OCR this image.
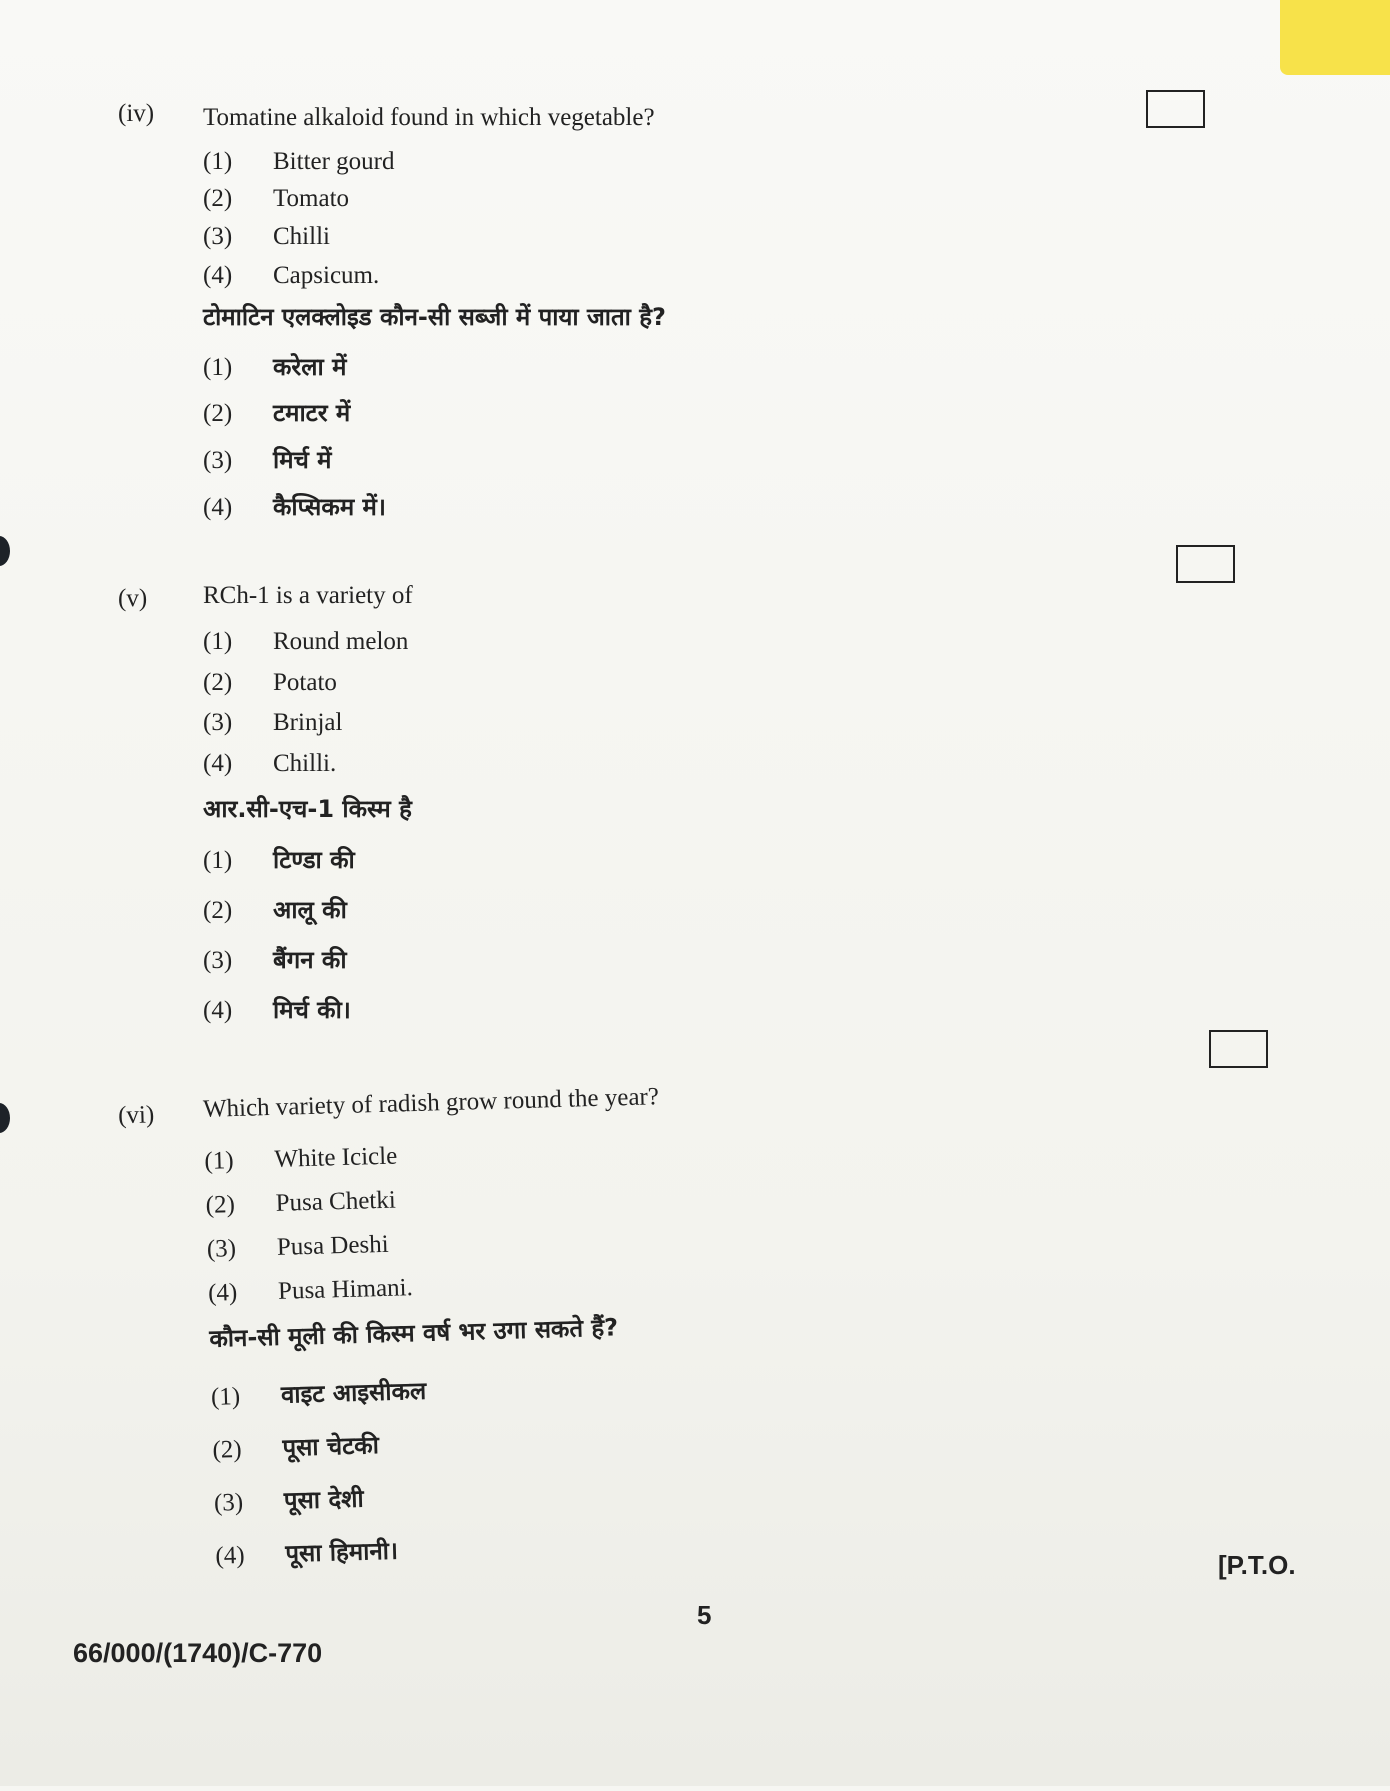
(iv) Tomatine alkaloid found in which vegetable?
(1) Bitter gourd
(2) Tomato
(3) Chilli
(4) Capsicum.
टोमाटिन एलक्लोइड कौन-सी सब्जी में पाया जाता है?
(1) करेला में
(2) टमाटर में
(3) मिर्च में
(4) कैप्सिकम में।
(v) RCh-1 is a variety of
(1) Round melon
(2) Potato
(3) Brinjal
(4) Chilli.
आर.सी-एच-1 किस्म है
(1) टिण्डा की
(2) आलू की
(3) बैंगन की
(4) मिर्च की।
(vi) Which variety of radish grow round the year?
(1) White Icicle
(2) Pusa Chetki
(3) Pusa Deshi
(4) Pusa Himani.
कौन-सी मूली की किस्म वर्ष भर उगा सकते हैं?
(1) वाइट आइसीकल
(2) पूसा चेटकी
(3) पूसा देशी
(4) पूसा हिमानी।	[P.T.O.
5
66/000/(1740)/C-770
